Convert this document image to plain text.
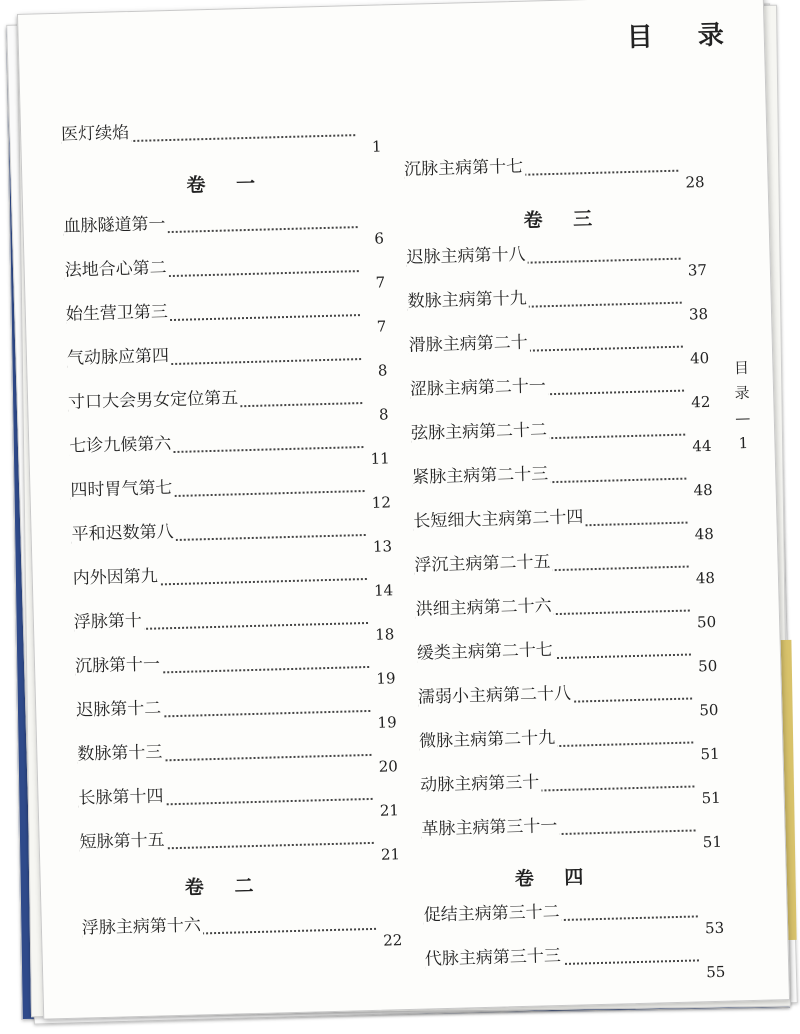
目 录
医灯续焰
1
卷 一
血脉隧道第一
6
法地合心第二
7
始生营卫第三
7
气动脉应第四
8
寸口大会男女定位第五
8
七诊九候第六
11
四时胃气第七
12
平和迟数第八
13
内外因第九
14
浮脉第十
18
沉脉第十一
19
迟脉第十二
19
数脉第十三
20
长脉第十四
21
短脉第十五
21
卷 二
浮脉主病第十六
22
沉脉主病第十七
28
卷 三
迟脉主病第十八
37
数脉主病第十九
38
滑脉主病第二十
40
涩脉主病第二十一
42
弦脉主病第二十二
44
紧脉主病第二十三
48
长短细大主病第二十四
48
浮沉主病第二十五
48
洪细主病第二十六
50
缓类主病第二十七
50
濡弱小主病第二十八
50
微脉主病第二十九
51
动脉主病第三十
51
革脉主病第三十一
51
卷 四
促结主病第三十二
53
代脉主病第三十三
55
目
录
—
1
